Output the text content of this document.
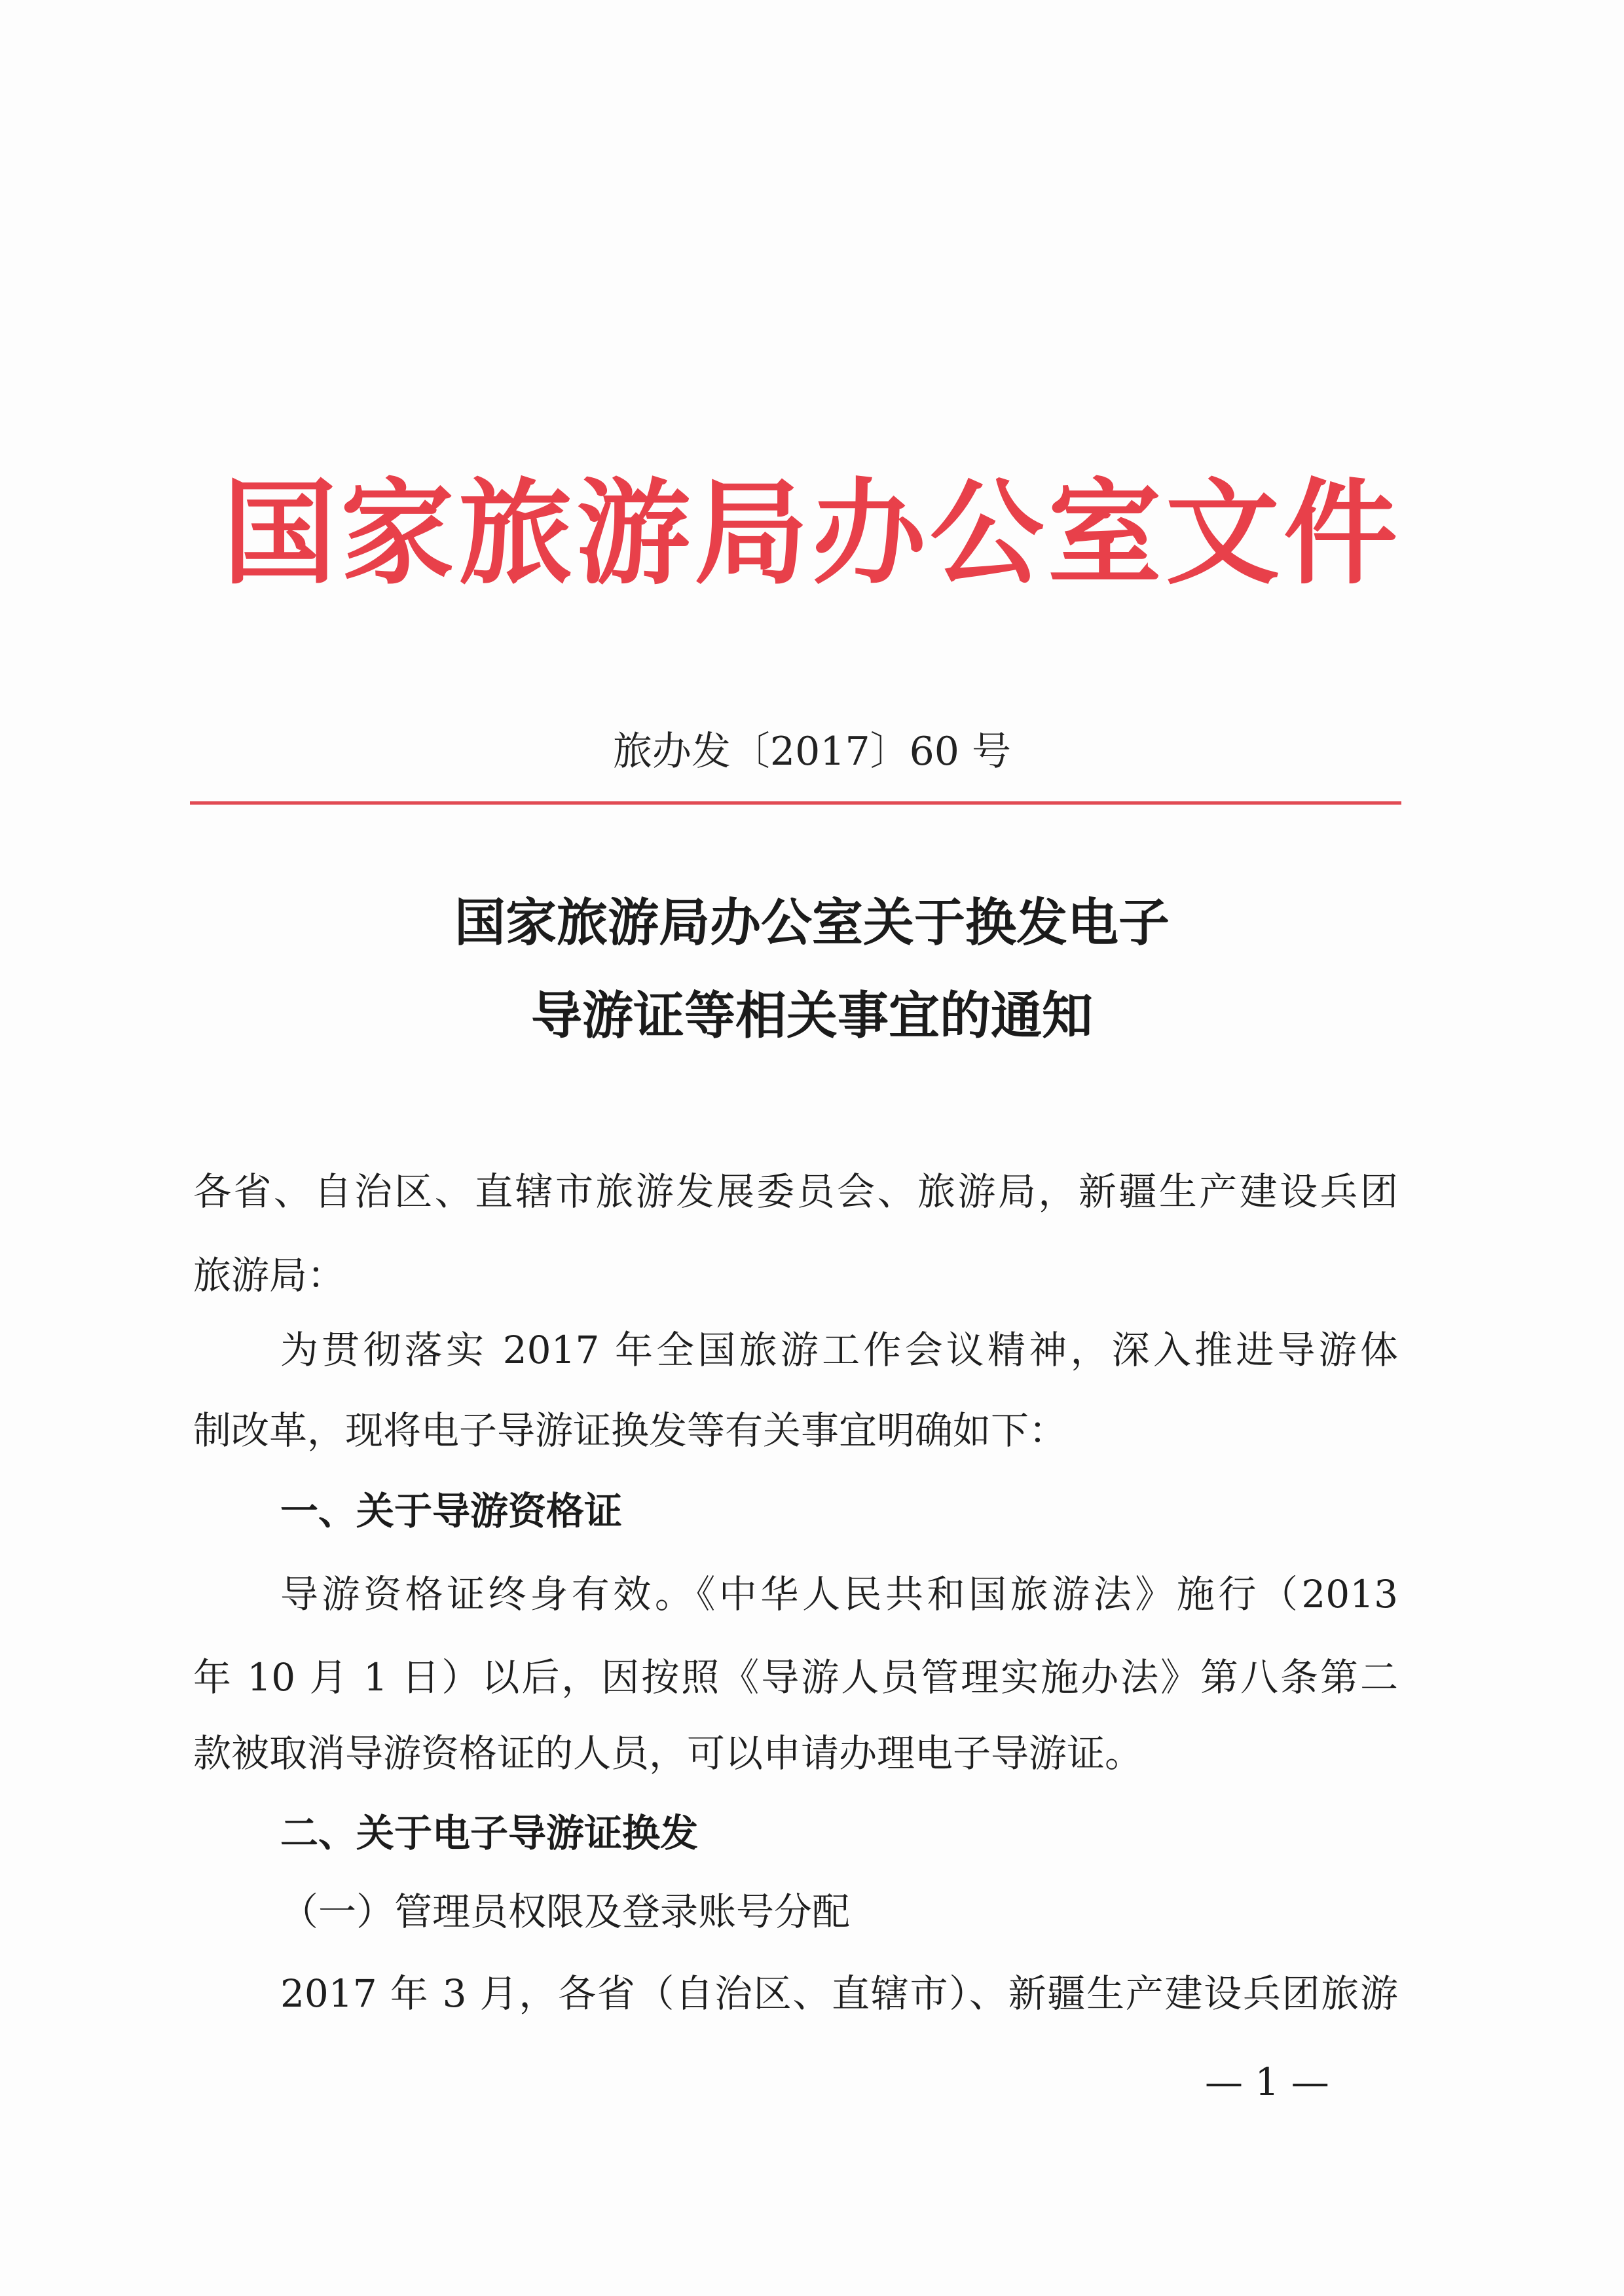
国家旅游局办公室文件
旅办发〔2017〕60 号
国家旅游局办公室关于换发电子
导游证等相关事宜的通知
各省、自治区、直辖市旅游发展委员会、旅游局，新疆生产建设兵团
旅游局：
为贯彻落实 2017 年全国旅游工作会议精神，深入推进导游体
制改革，现将电子导游证换发等有关事宜明确如下：
一、关于导游资格证
导游资格证终身有效。《中华人民共和国旅游法》施行（2013
年 10 月 1 日）以后，因按照《导游人员管理实施办法》第八条第二
款被取消导游资格证的人员，可以申请办理电子导游证。
二、关于电子导游证换发
（一）管理员权限及登录账号分配
2017 年 3 月，各省（自治区、直辖市）、新疆生产建设兵团旅游
— 1 —
